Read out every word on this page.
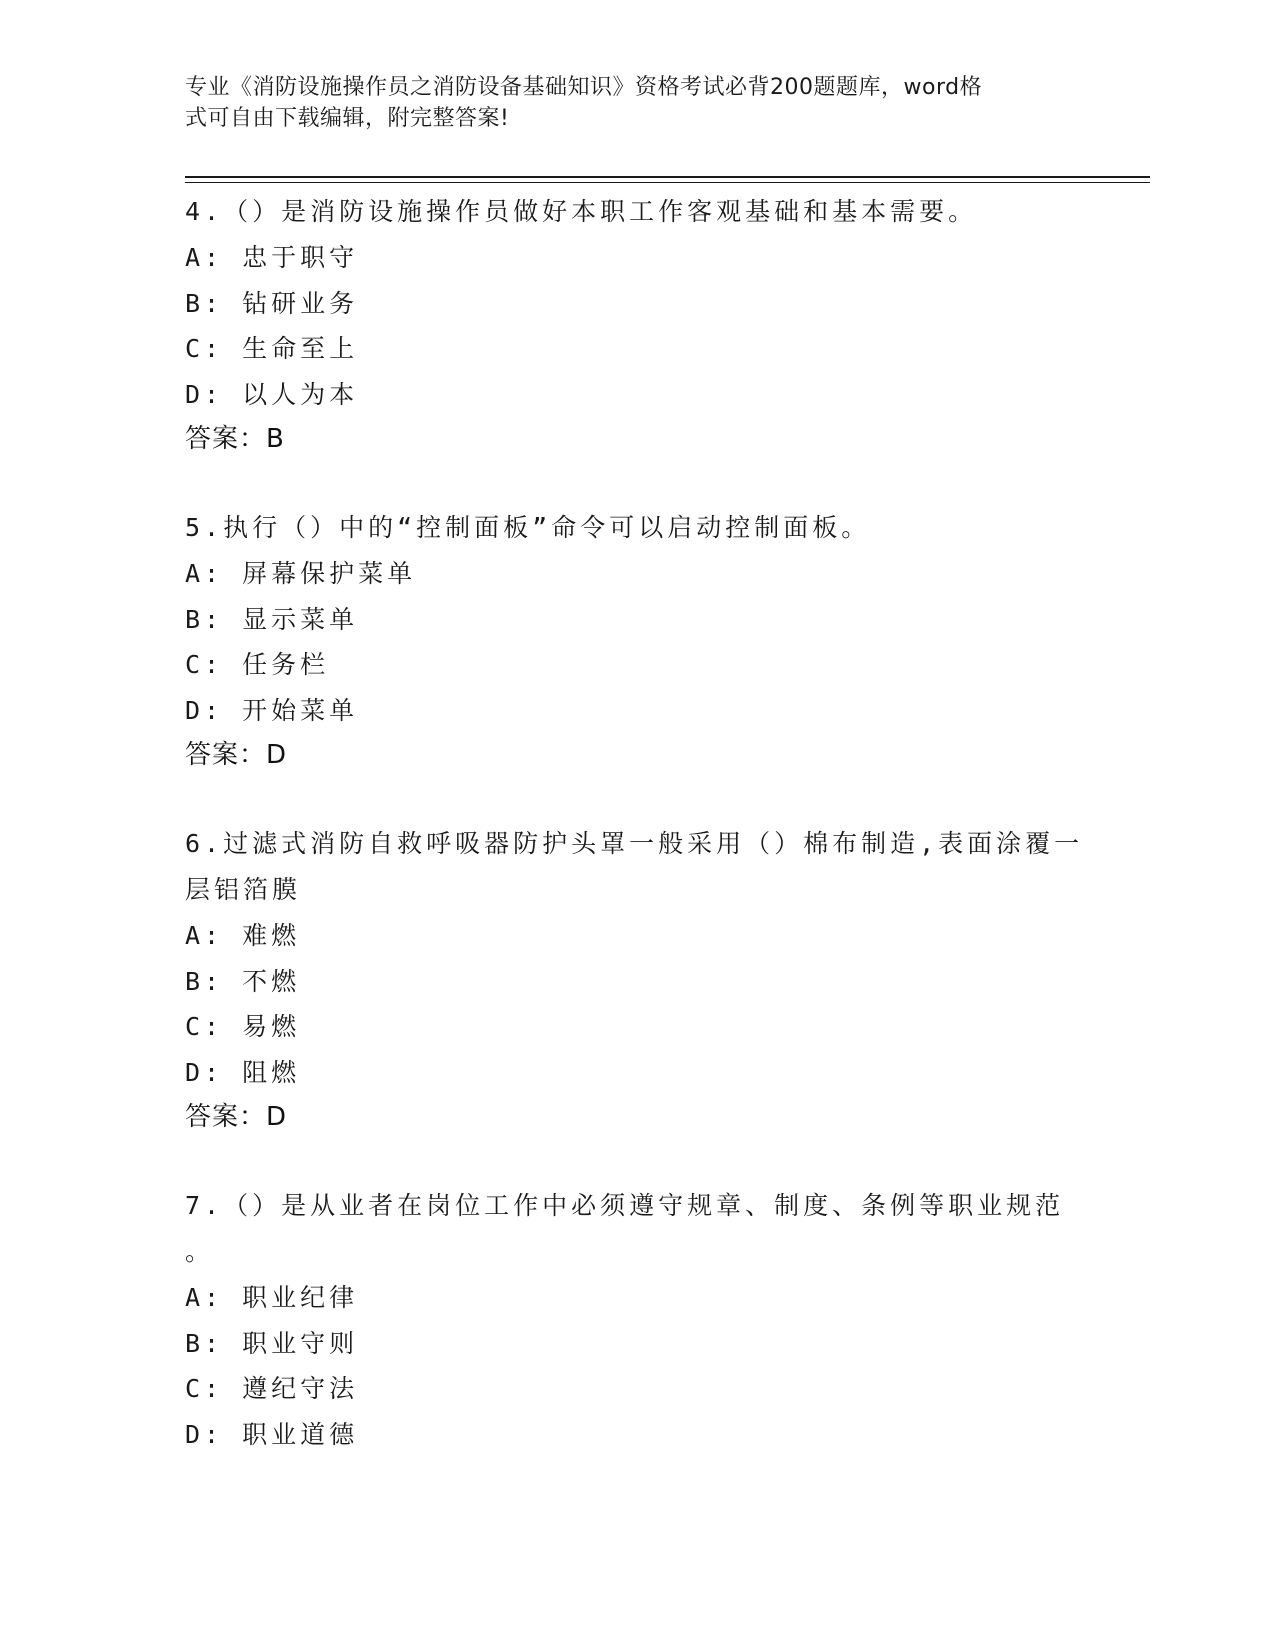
专业《消防设施操作员之消防设备基础知识》资格考试必背200题题库，word格
式可自由下载编辑，附完整答案!
4.（）是消防设施操作员做好本职工作客观基础和基本需要。
A: 忠于职守
B: 钻研业务
C: 生命至上
D: 以人为本
答案：B
5.执行（）中的“控制面板”命令可以启动控制面板。
A: 屏幕保护菜单
B: 显示菜单
C: 任务栏
D: 开始菜单
答案：D
6.过滤式消防自救呼吸器防护头罩一般采用（）棉布制造,表面涂覆一
层铝箔膜
A: 难燃
B: 不燃
C: 易燃
D: 阻燃
答案：D
7.（）是从业者在岗位工作中必须遵守规章、制度、条例等职业规范
。
A: 职业纪律
B: 职业守则
C: 遵纪守法
D: 职业道德
